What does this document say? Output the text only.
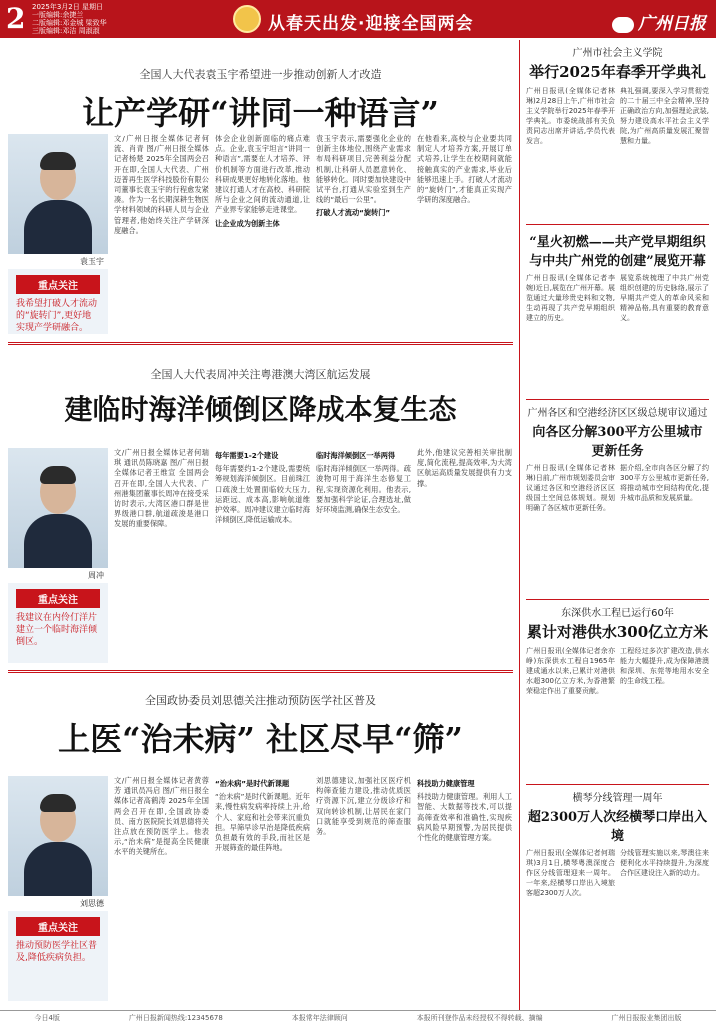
2 2025年3月2日 星期日
一版编辑:余捷兰
二版编辑:邓金城 梁致华
三版编辑:邓洁 周淑淑	从春天出发·迎接全国两会	广州日报
全国人大代表袁玉宇希望进一步推动创新人才改造
让产学研“讲同一种语言”
袁玉宇
重点关注
我希望打破人才流动的“旋转门”,更好地实现产学研融合。
文/广州日报全媒体记者何流、肖青 图/广州日报全媒体记者杨楚 2025年全国两会召开在即,全国人大代表、广州迈普再生医学科技股份有限公司董事长袁玉宇的行程愈发紧凑。作为一名长期深耕生物医学材料领域的科研人员与企业管理者,他始终关注产学研深度融合。
体会企业创新面临的痛点难点。企业,袁玉宇坦言“讲同一种语言”,需要在人才培养、评价机制等方面进行改革,推动科研成果更好地转化落地。他建议打通人才在高校、科研院所与企业之间的流动通道,让产业界专家能够走进课堂。
让企业成为创新主体
袁玉宇表示,需要强化企业的创新主体地位,围绕产业需求布局科研项目,完善利益分配机制,让科研人员愿意转化、能够转化。同时要加快建设中试平台,打通从实验室到生产线的“最后一公里”。
打破人才流动“旋转门”
在他看来,高校与企业要共同制定人才培养方案,开展订单式培养,让学生在校期间就能接触真实的产业需求,毕业后能够迅速上手。打破人才流动的“旋转门”,才能真正实现产学研的深度融合。
全国人大代表周冲关注粤港澳大湾区航运发展
建临时海洋倾倒区降成本复生态
周冲
重点关注
我建议在内伶仃洋片建立一个临时海洋倾倒区。
文/广州日报全媒体记者何瑞琪 通讯员陈晓嘉 图/广州日报全媒体记者王维宣 全国两会召开在即,全国人大代表、广州港集团董事长周冲在接受采访时表示,大湾区港口群是世界级港口群,航道疏浚是港口发展的重要保障。
每年需要1-2个建设
每年需要约1-2个建设,需要统筹规划海洋倾倒区。目前珠江口疏浚土处置面临较大压力,运距远、成本高,影响航道维护效率。周冲建议建立临时海洋倾倒区,降低运输成本。
临时海洋倾倒区一举两得
临时海洋倾倒区一举两得。疏浚物可用于海洋生态修复工程,实现资源化利用。他表示,要加强科学论证,合理选址,做好环境监测,确保生态安全。
此外,他建议完善相关审批制度,简化流程,提高效率,为大湾区航运高质量发展提供有力支撑。
全国政协委员刘思德关注推动预防医学社区普及
上医“治未病” 社区尽早“筛”
刘思德
重点关注
推动预防医学社区普及,降低疾病负担。
文/广州日报全媒体记者黄蓉芳 通讯员冯启 图/广州日报全媒体记者高鹤涛 2025年全国两会召开在即,全国政协委员、南方医院院长刘思德将关注点放在预防医学上。他表示,“治未病”是提高全民健康水平的关键所在。
“治未病”是时代新课题
“治未病”是时代新课题。近年来,慢性病发病率持续上升,给个人、家庭和社会带来沉重负担。早筛早诊早治是降低疾病负担最有效的手段,而社区是开展筛查的最佳阵地。
刘思德建议,加强社区医疗机构筛查能力建设,推动优质医疗资源下沉,建立分级诊疗和双向转诊机制,让居民在家门口就能享受到规范的筛查服务。
科技助力健康管理
科技助力健康管理。利用人工智能、大数据等技术,可以提高筛查效率和准确性,实现疾病风险早期预警,为居民提供个性化的健康管理方案。
广州市社会主义学院
举行2025年春季开学典礼
广州日报讯(全媒体记者林琳)2月28日上午,广州市社会主义学院举行2025年春季开学典礼。市委统战部有关负责同志出席并讲话,学员代表发言。
典礼强调,要深入学习贯彻党的二十届三中全会精神,坚持正确政治方向,加强理论武装,努力建设高水平社会主义学院,为广州高质量发展汇聚智慧和力量。
“星火初燃——共产党早期组织与中共广州党的创建”展览开幕
广州日报讯(全媒体记者李婉)近日,展览在广州开幕。展览通过大量珍贵史料和文物,生动再现了共产党早期组织建立的历史。
展览系统梳理了中共广州党组织创建的历史脉络,展示了早期共产党人的革命风采和精神品格,具有重要的教育意义。
广州各区和空港经济区区级总规审议通过
向各区分解300平方公里城市更新任务
广州日报讯(全媒体记者林琳)日前,广州市规划委员会审议通过各区和空港经济区区级国土空间总体规划。规划明确了各区城市更新任务。
据介绍,全市向各区分解了约300平方公里城市更新任务,将推动城市空间结构优化,提升城市品质和发展质量。
东深供水工程已运行60年
累计对港供水300亿立方米
广州日报讯(全媒体记者余亦峥)东深供水工程自1965年建成通水以来,已累计对港供水超300亿立方米,为香港繁荣稳定作出了重要贡献。
工程经过多次扩建改造,供水能力大幅提升,成为保障港澳和深圳、东莞等地用水安全的生命线工程。
横琴分线管理一周年
超2300万人次经横琴口岸出入境
广州日报讯(全媒体记者何瑞琪)3月1日,横琴粤澳深度合作区分线管理迎来一周年。一年来,经横琴口岸出入境旅客超2300万人次。
分线管理实施以来,琴澳往来便利化水平持续提升,为深度合作区建设注入新的动力。
今日4版	广州日报新闻热线:12345678	本报常年法律顾问	本报所刊登作品未经授权不得转载、摘编	广州日报报业集团出版
